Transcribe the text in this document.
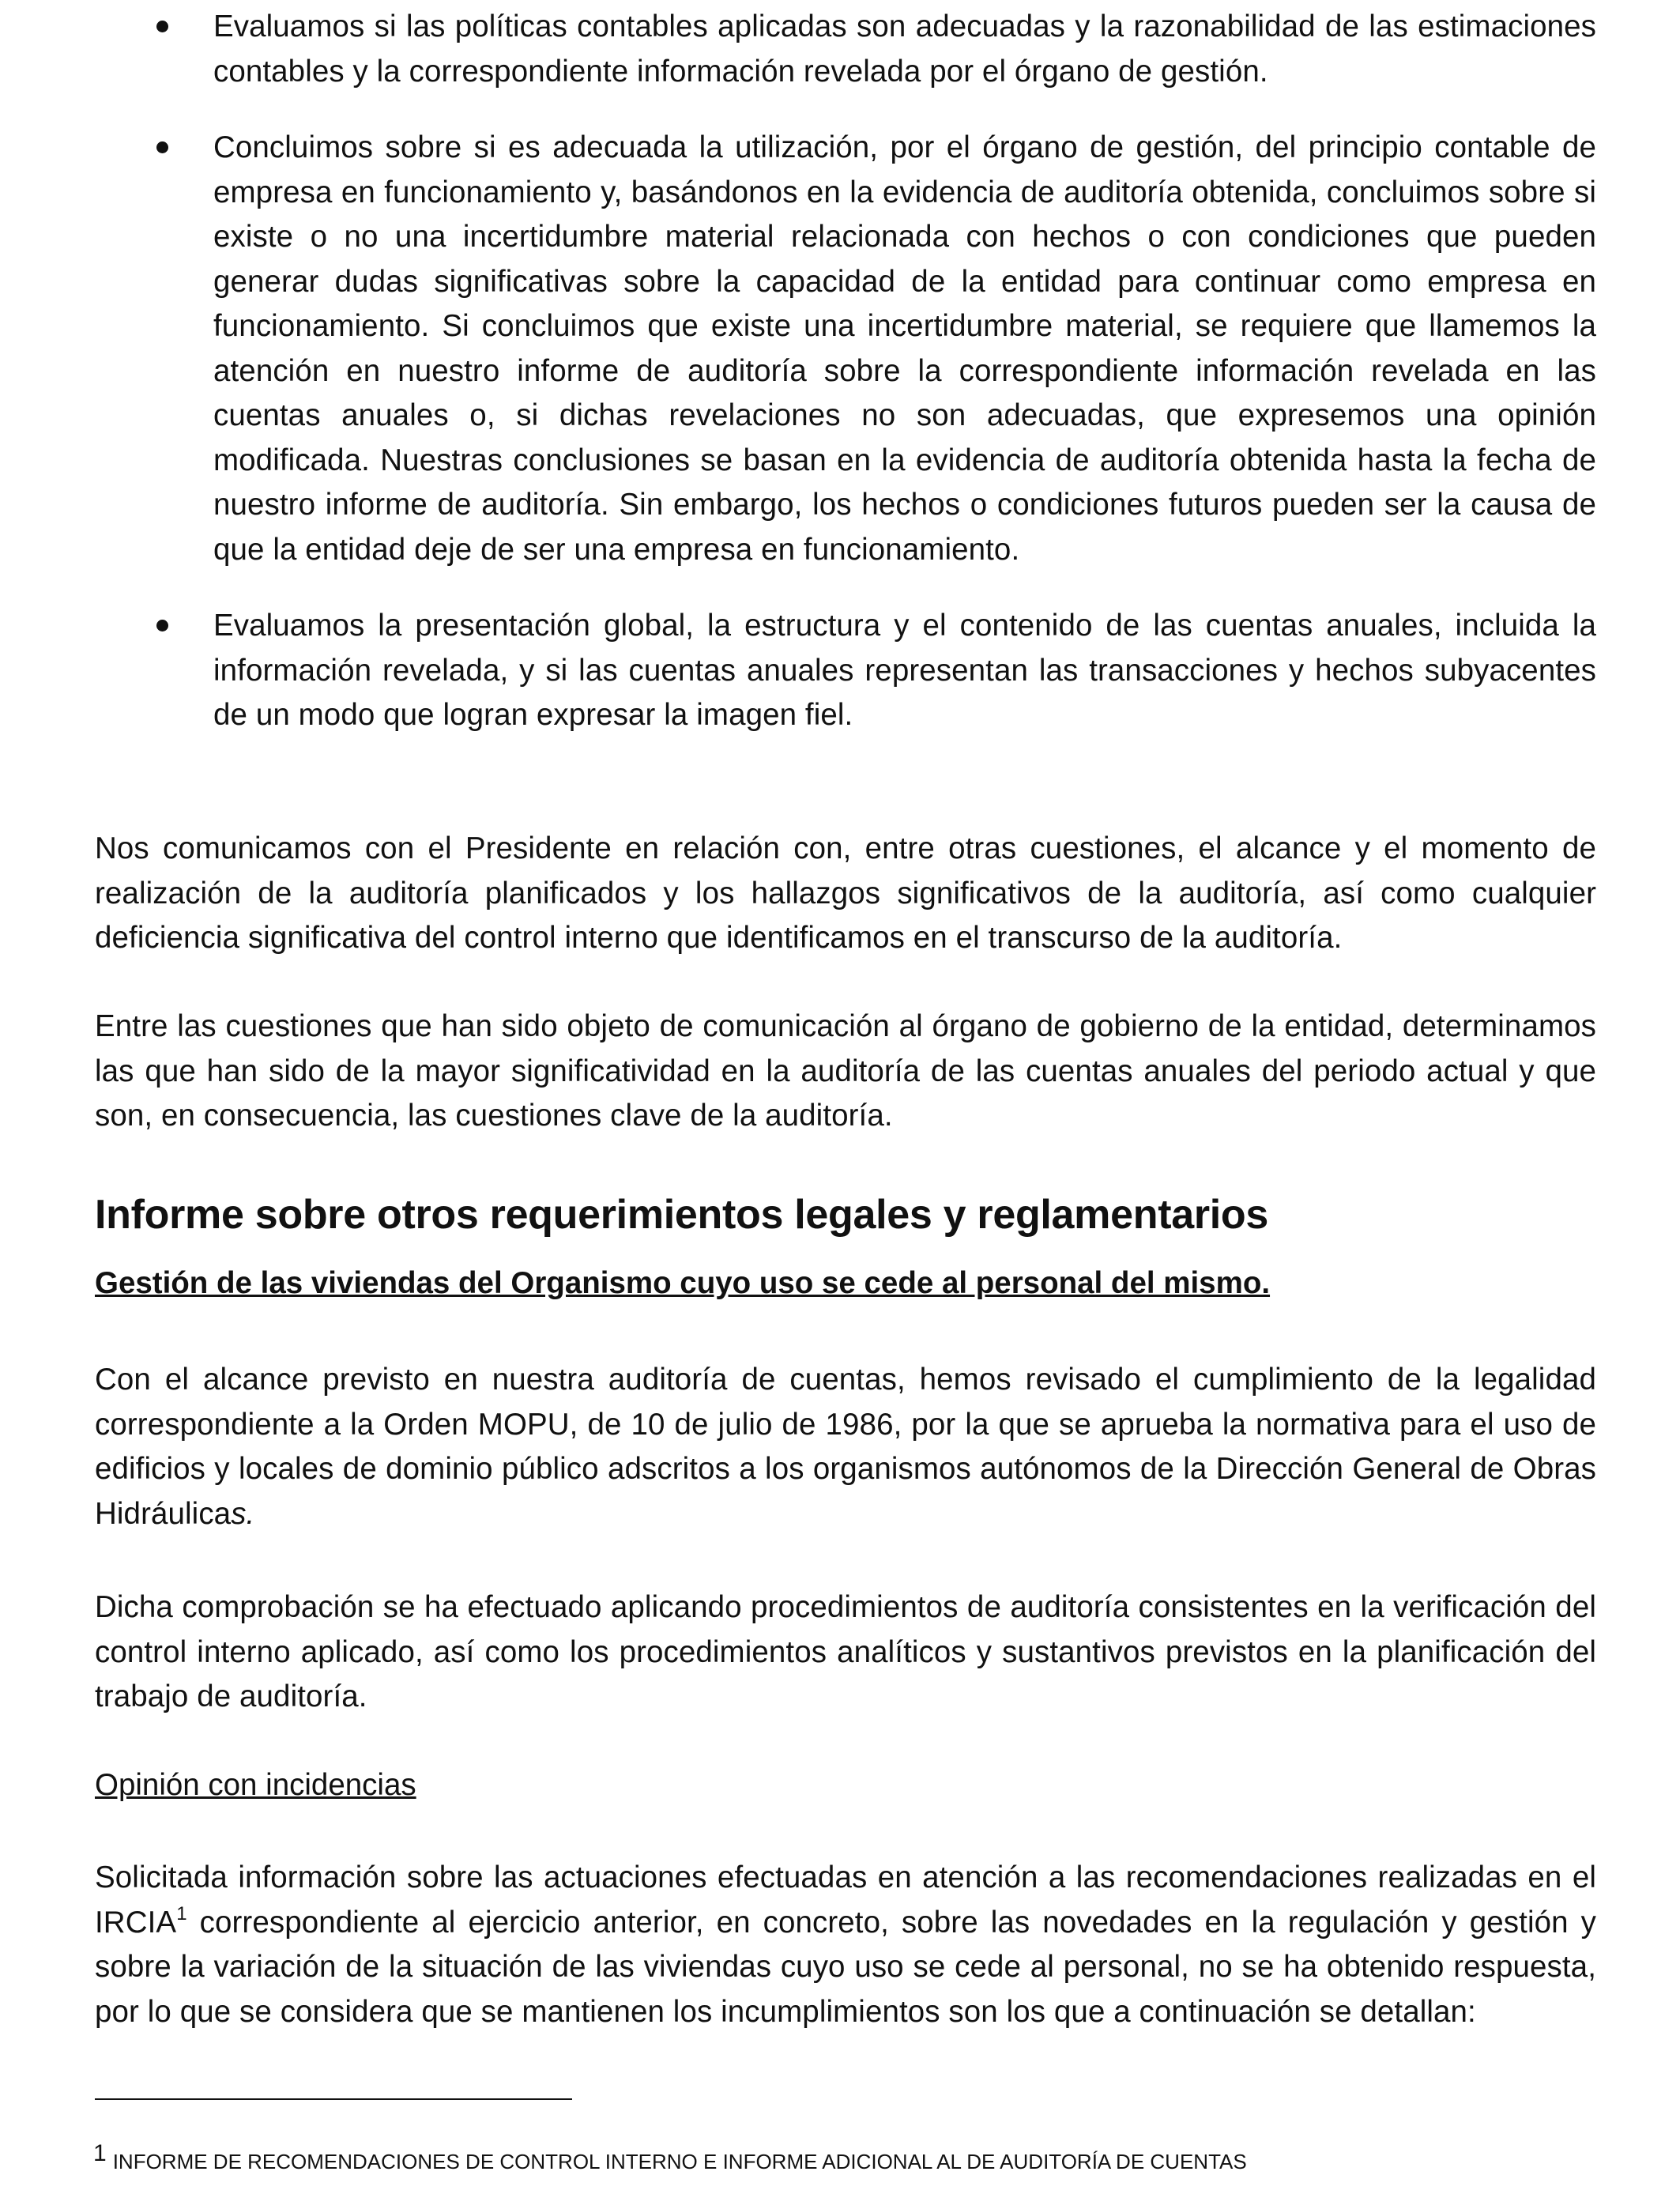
Evaluamos si las políticas contables aplicadas son adecuadas y la razonabilidad de las estimaciones contables y la correspondiente información revelada por el órgano de gestión.
Concluimos sobre si es adecuada la utilización, por el órgano de gestión, del principio contable de empresa en funcionamiento y, basándonos en la evidencia de auditoría obtenida, concluimos sobre si existe o no una incertidumbre material relacionada con hechos o con condiciones que pueden generar dudas significativas sobre la capacidad de la entidad para continuar como empresa en funcionamiento. Si concluimos que existe una incertidumbre material, se requiere que llamemos la atención en nuestro informe de auditoría sobre la correspondiente información revelada en las cuentas anuales o, si dichas revelaciones no son adecuadas, que expresemos una opinión modificada. Nuestras conclusiones se basan en la evidencia de auditoría obtenida hasta la fecha de nuestro informe de auditoría. Sin embargo, los hechos o condiciones futuros pueden ser la causa de que la entidad deje de ser una empresa en funcionamiento.
Evaluamos la presentación global, la estructura y el contenido de las cuentas anuales, incluida la información revelada, y si las cuentas anuales representan las transacciones y hechos subyacentes de un modo que logran expresar la imagen fiel.

Nos comunicamos con el Presidente en relación con, entre otras cuestiones, el alcance y el momento de realización de la auditoría planificados y los hallazgos significativos de la auditoría, así como cualquier deficiencia significativa del control interno que identificamos en el transcurso de la auditoría.

Entre las cuestiones que han sido objeto de comunicación al órgano de gobierno de la entidad, determinamos las que han sido de la mayor significatividad en la auditoría de las cuentas anuales del periodo actual y que son, en consecuencia, las cuestiones clave de la auditoría.

Informe sobre otros requerimientos legales y reglamentarios
Gestión de las viviendas del Organismo cuyo uso se cede al personal del mismo.

Con el alcance previsto en nuestra auditoría de cuentas, hemos revisado el cumplimiento de la legalidad correspondiente a la Orden MOPU, de 10 de julio de 1986, por la que se aprueba la normativa para el uso de edificios y locales de dominio público adscritos a los organismos autónomos de la Dirección General de Obras Hidráulicas.

Dicha comprobación se ha efectuado aplicando procedimientos de auditoría consistentes en la verificación del control interno aplicado, así como los procedimientos analíticos y sustantivos previstos en la planificación del trabajo de auditoría.

Opinión con incidencias

Solicitada información sobre las actuaciones efectuadas en atención a las recomendaciones realizadas en el IRCIA$^1$ correspondiente al ejercicio anterior, en concreto, sobre las novedades en la regulación y gestión y sobre la variación de la situación de las viviendas cuyo uso se cede al personal, no se ha obtenido respuesta, por lo que se considera que se mantienen los incumplimientos son los que a continuación se detallan:

1 INFORME DE RECOMENDACIONES DE CONTROL INTERNO E INFORME ADICIONAL AL DE AUDITORÍA DE CUENTAS
